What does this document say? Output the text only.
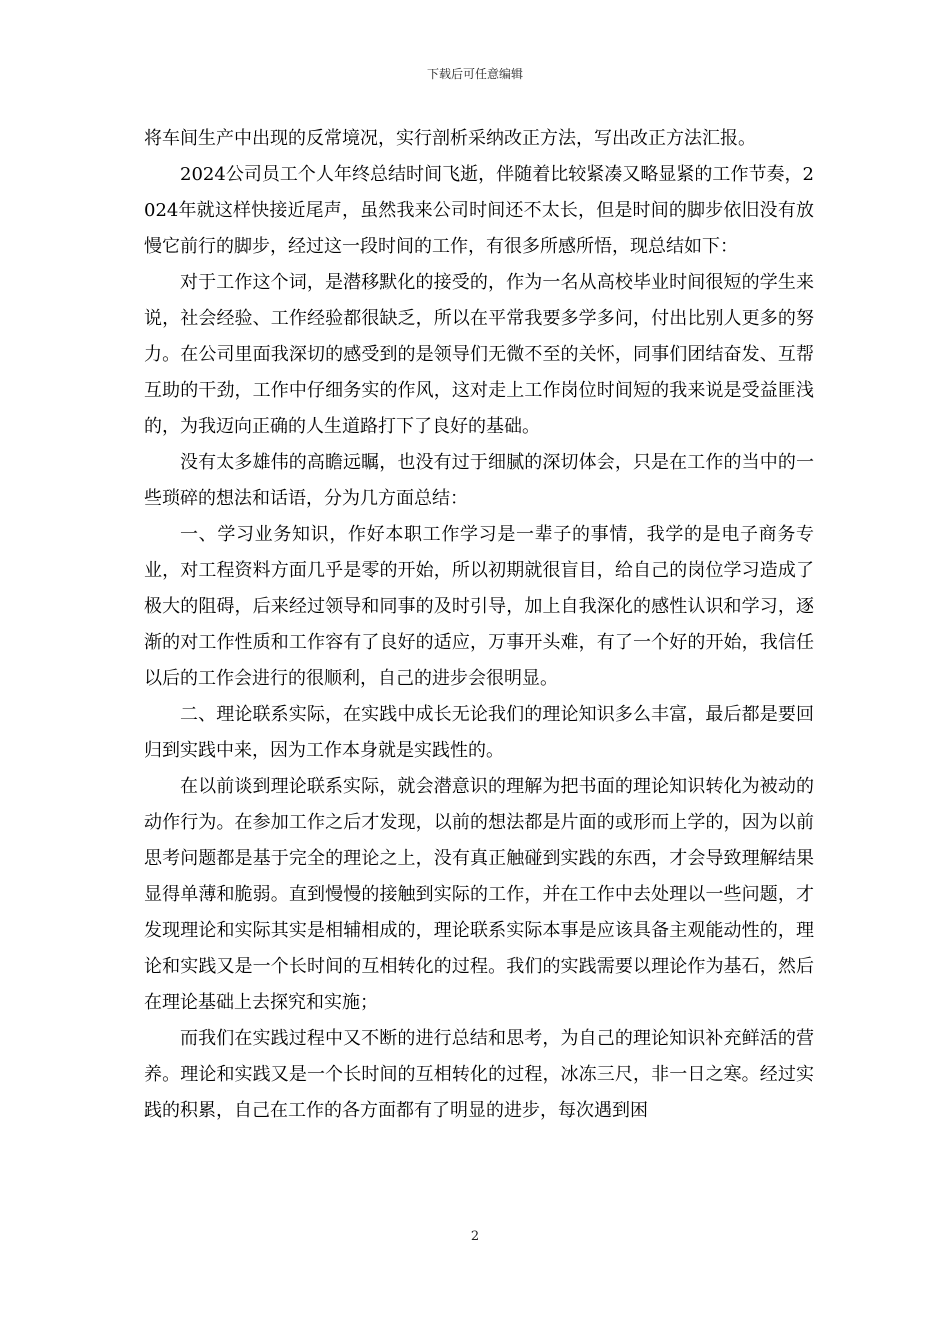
下载后可任意编辑

将车间生产中出现的反常境况，实行剖析采纳改正方法，写出改正方法汇报。

2024公司员工个人年终总结时间飞逝，伴随着比较紧凑又略显紧的工作节奏，2024年就这样快接近尾声，虽然我来公司时间还不太长，但是时间的脚步依旧没有放慢它前行的脚步，经过这一段时间的工作，有很多所感所悟，现总结如下：

对于工作这个词，是潜移默化的接受的，作为一名从高校毕业时间很短的学生来说，社会经验、工作经验都很缺乏，所以在平常我要多学多问，付出比别人更多的努力。在公司里面我深切的感受到的是领导们无微不至的关怀，同事们团结奋发、互帮互助的干劲，工作中仔细务实的作风，这对走上工作岗位时间短的我来说是受益匪浅的，为我迈向正确的人生道路打下了良好的基础。

没有太多雄伟的高瞻远瞩，也没有过于细腻的深切体会，只是在工作的当中的一些琐碎的想法和话语，分为几方面总结：

一、学习业务知识，作好本职工作学习是一辈子的事情，我学的是电子商务专业，对工程资料方面几乎是零的开始，所以初期就很盲目，给自己的岗位学习造成了极大的阻碍，后来经过领导和同事的及时引导，加上自我深化的感性认识和学习，逐渐的对工作性质和工作容有了良好的适应，万事开头难，有了一个好的开始，我信任以后的工作会进行的很顺利，自己的进步会很明显。

二、理论联系实际，在实践中成长无论我们的理论知识多么丰富，最后都是要回归到实践中来，因为工作本身就是实践性的。

在以前谈到理论联系实际，就会潜意识的理解为把书面的理论知识转化为被动的动作行为。在参加工作之后才发现，以前的想法都是片面的或形而上学的，因为以前思考问题都是基于完全的理论之上，没有真正触碰到实践的东西，才会导致理解结果显得单薄和脆弱。直到慢慢的接触到实际的工作，并在工作中去处理以一些问题，才发现理论和实际其实是相辅相成的，理论联系实际本事是应该具备主观能动性的，理论和实践又是一个长时间的互相转化的过程。我们的实践需要以理论作为基石，然后在理论基础上去探究和实施；

而我们在实践过程中又不断的进行总结和思考，为自己的理论知识补充鲜活的营养。理论和实践又是一个长时间的互相转化的过程，冰冻三尺，非一日之寒。经过实践的积累，自己在工作的各方面都有了明显的进步，每次遇到困

2
